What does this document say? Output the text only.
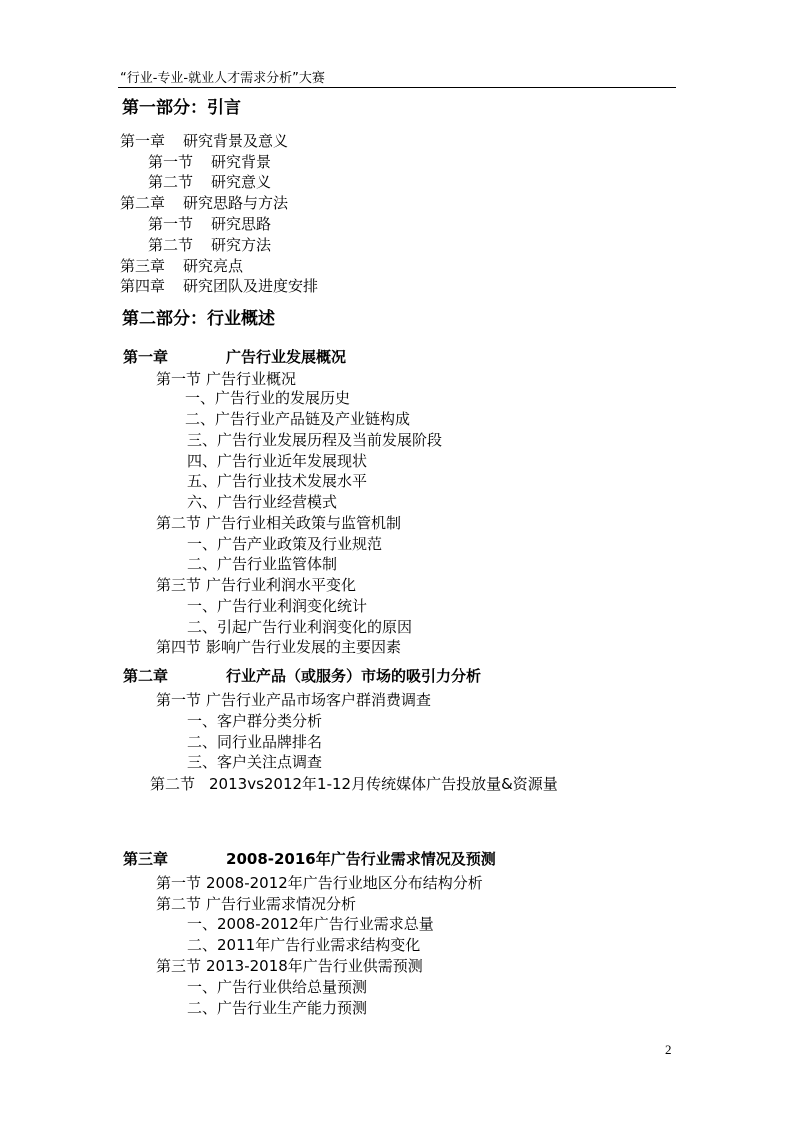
“行业-专业-就业人才需求分析”大赛
第一部分：引言
第一章 研究背景及意义
第一节 研究背景
第二节 研究意义
第二章 研究思路与方法
第一节 研究思路
第二节 研究方法
第三章 研究亮点
第四章 研究团队及进度安排
第二部分：行业概述
第一章	广告行业发展概况
第一节 广告行业概况
一、广告行业的发展历史
二、广告行业产品链及产业链构成
三、广告行业发展历程及当前发展阶段
四、广告行业近年发展现状
五、广告行业技术发展水平
六、广告行业经营模式
第二节 广告行业相关政策与监管机制
一、广告产业政策及行业规范
二、广告行业监管体制
第三节 广告行业利润水平变化
一、广告行业利润变化统计
二、引起广告行业利润变化的原因
第四节 影响广告行业发展的主要因素
第二章	行业产品（或服务）市场的吸引力分析
第一节 广告行业产品市场客户群消费调查
一、客户群分类分析
二、同行业品牌排名
三、客户关注点调查
第二节 2013vs2012年1-12月传统媒体广告投放量&资源量
第三章	2008-2016年广告行业需求情况及预测
第一节 2008-2012年广告行业地区分布结构分析
第二节 广告行业需求情况分析
一、2008-2012年广告行业需求总量
二、2011年广告行业需求结构变化
第三节 2013-2018年广告行业供需预测
一、广告行业供给总量预测
二、广告行业生产能力预测
2
